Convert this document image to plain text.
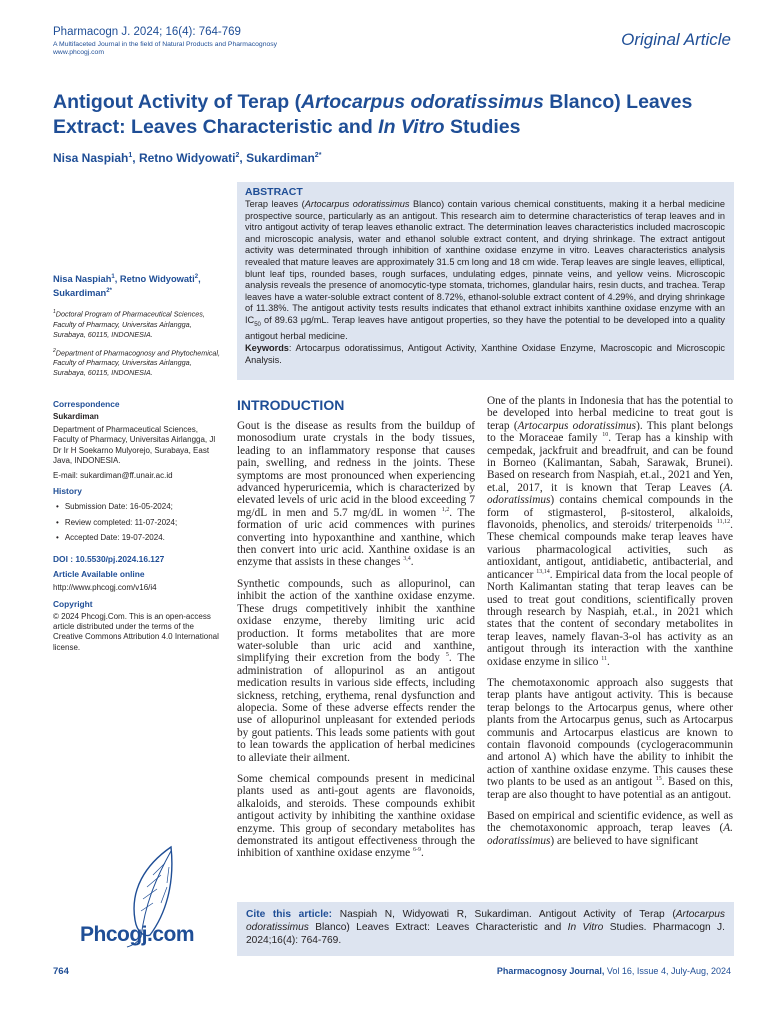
Pharmacogn J. 2024; 16(4): 764-769
A Multifaceted Journal in the field of Natural Products and Pharmacognosy
www.phcogj.com
Original Article
Antigout Activity of Terap (Artocarpus odoratissimus Blanco) Leaves Extract: Leaves Characteristic and In Vitro Studies
Nisa Naspiah$^1$, Retno Widyowati$^2$, Sukardiman$^{2*}$
ABSTRACT

Terap leaves (Artocarpus odoratissimus Blanco) contain various chemical constituents, making it a herbal medicine prospective source, particularly as an antigout. This research aim to determine characteristics of terap leaves and in vitro antigout activity of terap leaves ethanolic extract. The determination leaves characteristics included macroscopic and microscopic analysis, water and ethanol soluble extract content, and drying shrinkage. The extract antigout activity was determinated through inhibition of xanthine oxidase enzyme in vitro. Leaves characteristics analysis revealed that mature leaves are approximately 31.5 cm long and 18 cm wide. Terap leaves are single leaves, elliptical, blunt leaf tips, rounded bases, rough surfaces, undulating edges, pinnate veins, and yellow veins. Microscopic analysis reveals the presence of anomocytic-type stomata, trichomes, glandular hairs, resin ducts, and trachea. Terap leaves have a water-soluble extract content of 8.72%, ethanol-soluble extract content of 4.29%, and drying shrinkage of 11.38%. The antigout activity tests results indicates that ethanol extract inhibits xanthine oxidase enzyme with an $IC_{50}$ of 89.63 μg/mL. Terap leaves have antigout properties, so they have the potential to be developed into a quality antigout herbal medicine.

Keywords: Artocarpus odoratissimus, Antigout Activity, Xanthine Oxidase Enzyme, Macroscopic and Microscopic Analysis.

Nisa Naspiah$^1$, Retno Widyowati$^2$,
Sukardiman$^{2*}$
$^1$Doctoral Program of Pharmaceutical Sciences, Faculty of Pharmacy, Universitas Airlangga, Surabaya, 60115, INDONESIA.
$^2$Department of Pharmacognosy and Phytochemical, Faculty of Pharmacy, Universitas Airlangga, Surabaya, 60115, INDONESIA.
Correspondence
Sukardiman
Department of Pharmaceutical Sciences, Faculty of Pharmacy, Universitas Airlangga, Jl Dr Ir H Soekarno Mulyorejo, Surabaya, East Java, INDONESIA.
E-mail: sukardiman@ff.unair.ac.id
History
• Submission Date: 16-05-2024;
• Review completed: 11-07-2024;
• Accepted Date: 19-07-2024.
DOI : 10.5530/pj.2024.16.127
Article Available online
http://www.phcogj.com/v16/i4
Copyright
© 2024 Phcogj.Com. This is an open-access article distributed under the terms of the Creative Commons Attribution 4.0 International license.
INTRODUCTION

Gout is the disease as results from the buildup of monosodium urate crystals in the body tissues, leading to an inflammatory response that causes pain, swelling, and redness in the joints. These symptoms are most pronounced when experiencing advanced hyperuricemia, which is characterized by elevated levels of uric acid in the blood exceeding 7 mg/dL in men and 5.7 mg/dL in women $^{1,2}$. The formation of uric acid commences with purines converting into hypoxanthine and xanthine, which then convert into uric acid. Xanthine oxidase is an enzyme that assists in these changes $^{3,4}$.

Synthetic compounds, such as allopurinol, can inhibit the action of the xanthine oxidase enzyme. These drugs competitively inhibit the xanthine oxidase enzyme, thereby limiting uric acid production. It forms metabolites that are more water-soluble than uric acid and xanthine, simplifying their excretion from the body $^5$. The administration of allopurinol as an antigout medication results in various side effects, including sickness, retching, erythema, renal dysfunction and alopecia. Some of these adverse effects render the use of allopurinol unpleasant for extended periods by gout patients. This leads some patients with gout to lean towards the application of herbal medicines to alleviate their ailment.

Some chemical compounds present in medicinal plants used as anti-gout agents are flavonoids, alkaloids, and steroids. These compounds exhibit antigout activity by inhibiting the xanthine oxidase enzyme. This group of secondary metabolites has demonstrated its antigout effectiveness through the inhibition of xanthine oxidase enzyme $^{6-9}$.

One of the plants in Indonesia that has the potential to be developed into herbal medicine to treat gout is terap (Artocarpus odoratissimus). This plant belongs to the Moraceae family $^{10}$. Terap has a kinship with cempedak, jackfruit and breadfruit, and can be found in Borneo (Kalimantan, Sabah, Sarawak, Brunei). Based on research from Naspiah, et.al., 2021 and Yen, et.al, 2017, it is known that Terap Leaves (A. odoratissimus) contains chemical compounds in the form of stigmasterol, β-sitosterol, alkaloids, flavonoids, phenolics, and steroids/ triterpenoids $^{11,12}$. These chemical compounds make terap leaves have various pharmacological activities, such as antioxidant, antigout, antidiabetic, antibacterial, and anticancer $^{13,14}$. Empirical data from the local people of North Kalimantan stating that terap leaves can be used to treat gout conditions, scientifically proven through research by Naspiah, et.al., in 2021 which states that the content of secondary metabolites in terap leaves, namely flavan-3-ol has activity as an antigout through its interaction with the xanthine oxidase enzyme in silico $^{11}$.

The chemotaxonomic approach also suggests that terap plants have antigout activity. This is because terap belongs to the Artocarpus genus, where other plants from the Artocarpus genus, such as Artocarpus communis and Artocarpus elasticus are known to contain flavonoid compounds (cyclogeracommunin and artonol A) which have the ability to inhibit the action of xanthine oxidase enzyme. This causes these two plants to be used as an antigout $^{15}$. Based on this, terap are also thought to have potential as an antigout.

Based on empirical and scientific evidence, as well as the chemotaxonomic approach, terap leaves (A. odoratissimus) are believed to have significant

Phcogj.com
Cite this article: Naspiah N, Widyowati R, Sukardiman. Antigout Activity of Terap (Artocarpus odoratissimus Blanco) Leaves Extract: Leaves Characteristic and In Vitro Studies. Pharmacogn J. 2024;16(4): 764-769.
764	Pharmacognosy Journal, Vol 16, Issue 4, July-Aug, 2024
